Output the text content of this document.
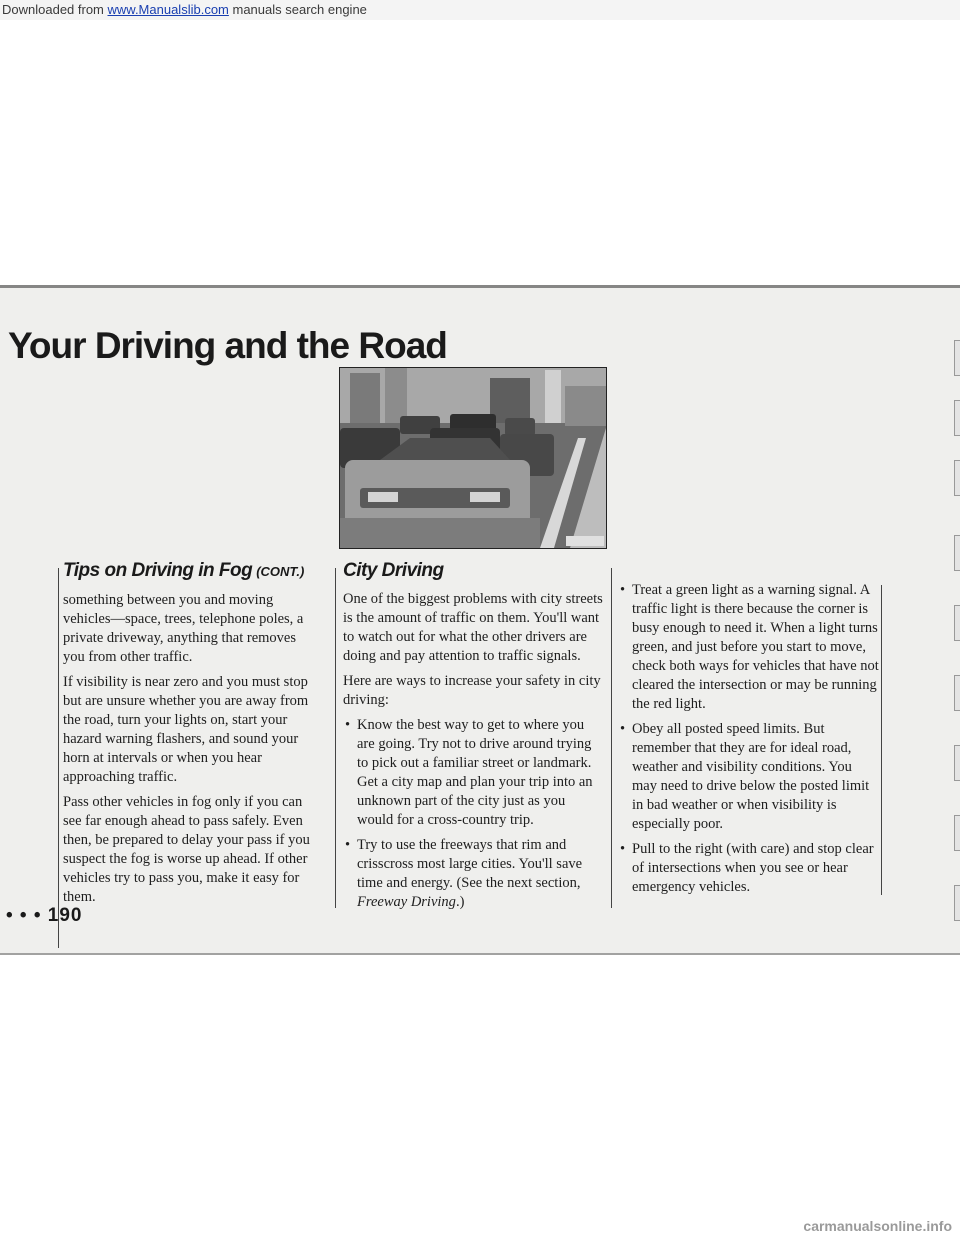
Downloaded from www.Manualslib.com manuals search engine
Your Driving and the Road
Tips on Driving in Fog (CONT.)

something between you and moving vehicles—space, trees, telephone poles, a private driveway, anything that removes you from other traffic.

If visibility is near zero and you must stop but are unsure whether you are away from the road, turn your lights on, start your hazard warning flashers, and sound your horn at intervals or when you hear approaching traffic.

Pass other vehicles in fog only if you can see far enough ahead to pass safely. Even then, be prepared to delay your pass if you suspect the fog is worse up ahead. If other vehicles try to pass you, make it easy for them.

City Driving

One of the biggest problems with city streets is the amount of traffic on them. You'll want to watch out for what the other drivers are doing and pay attention to traffic signals.

Here are ways to increase your safety in city driving:

• Know the best way to get to where you are going. Try not to drive around trying to pick out a familiar street or landmark. Get a city map and plan your trip into an unknown part of the city just as you would for a cross-country trip.
• Try to use the freeways that rim and crisscross most large cities. You'll save time and energy. (See the next section, Freeway Driving.)
• Treat a green light as a warning signal. A traffic light is there because the corner is busy enough to need it. When a light turns green, and just before you start to move, check both ways for vehicles that have not cleared the intersection or may be running the red light.
• Obey all posted speed limits. But remember that they are for ideal road, weather and visibility conditions. You may need to drive below the posted limit in bad weather or when visibility is especially poor.
• Pull to the right (with care) and stop clear of intersections when you see or hear emergency vehicles.
• • • 190
carmanualsonline.info
